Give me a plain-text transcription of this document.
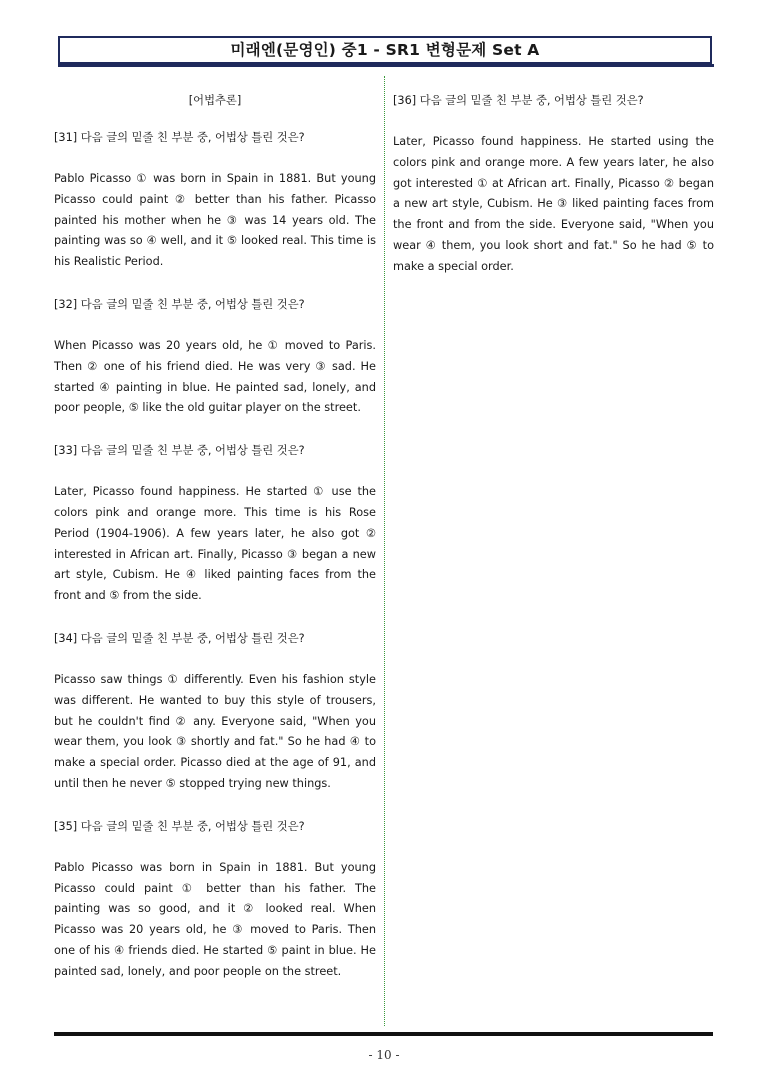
미래엔(문영인) 중1 - SR1 변형문제 Set A
[어법추론]
[31] 다음 글의 밑줄 친 부분 중, 어법상 틀린 것은?
Pablo Picasso ① was born in Spain in 1881. But young Picasso could paint ② better than his father. Picasso painted his mother when he ③ was 14 years old. The painting was so ④ well, and it ⑤ looked real. This time is his Realistic Period.
[32] 다음 글의 밑줄 친 부분 중, 어법상 틀린 것은?
When Picasso was 20 years old, he ① moved to Paris. Then ② one of his friend died. He was very ③ sad. He started ④ painting in blue. He painted sad, lonely, and poor people, ⑤ like the old guitar player on the street.
[33] 다음 글의 밑줄 친 부분 중, 어법상 틀린 것은?
Later, Picasso found happiness. He started ① use the colors pink and orange more. This time is his Rose Period (1904-1906). A few years later, he also got ② interested in African art. Finally, Picasso ③ began a new art style, Cubism. He ④ liked painting faces from the front and ⑤ from the side.
[34] 다음 글의 밑줄 친 부분 중, 어법상 틀린 것은?
Picasso saw things ① differently. Even his fashion style was different. He wanted to buy this style of trousers, but he couldn't find ② any. Everyone said, "When you wear them, you look ③ shortly and fat." So he had ④ to make a special order. Picasso died at the age of 91, and until then he never ⑤ stopped trying new things.
[35] 다음 글의 밑줄 친 부분 중, 어법상 틀린 것은?
Pablo Picasso was born in Spain in 1881. But young Picasso could paint ① better than his father. The painting was so good, and it ② looked real. When Picasso was 20 years old, he ③ moved to Paris. Then one of his ④ friends died. He started ⑤ paint in blue. He painted sad, lonely, and poor people on the street.
[36] 다음 글의 밑줄 친 부분 중, 어법상 틀린 것은?
Later, Picasso found happiness. He started using the colors pink and orange more. A few years later, he also got interested ① at African art. Finally, Picasso ② began a new art style, Cubism. He ③ liked painting faces from the front and from the side. Everyone said, "When you wear ④ them, you look short and fat." So he had ⑤ to make a special order.
- 10 -
